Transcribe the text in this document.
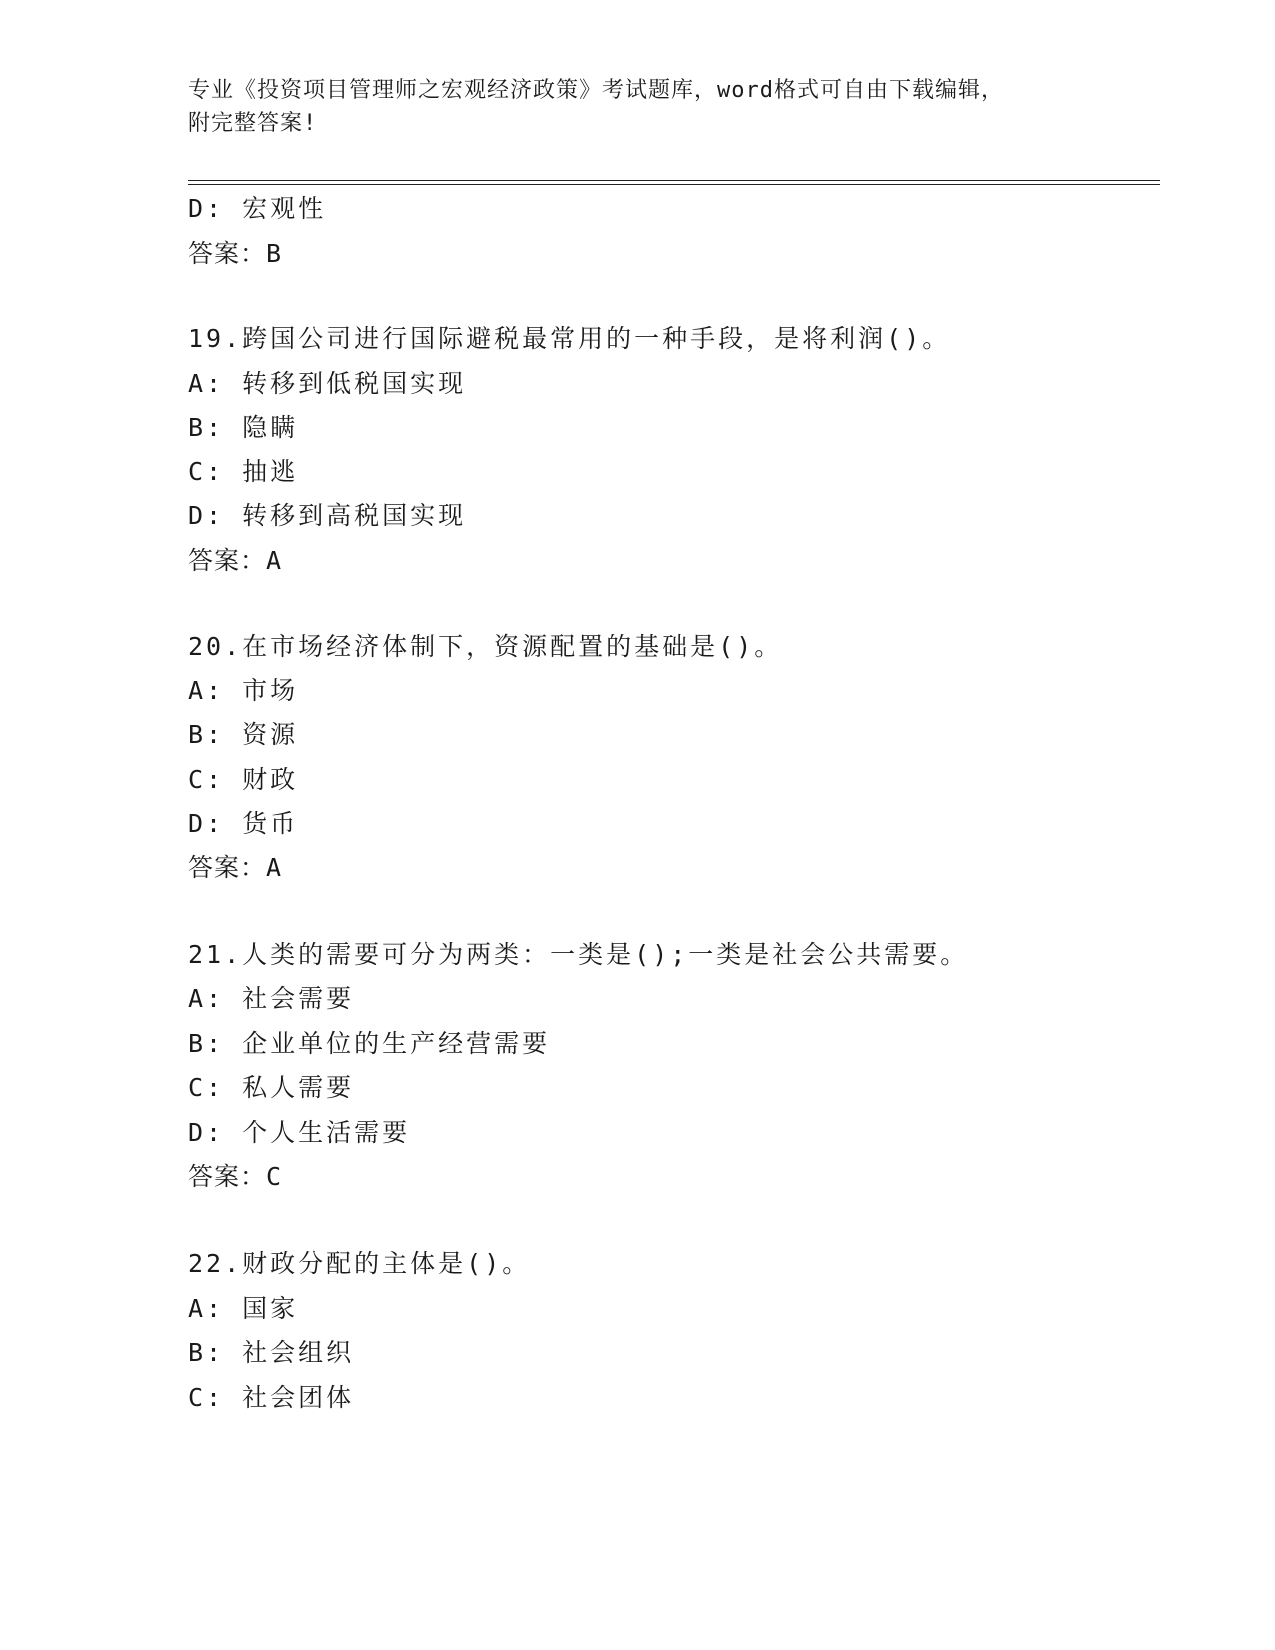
专业《投资项目管理师之宏观经济政策》考试题库，word格式可自由下载编辑，
附完整答案!
D: 宏观性
答案：B
19.跨国公司进行国际避税最常用的一种手段，是将利润()。
A: 转移到低税国实现
B: 隐瞒
C: 抽逃
D: 转移到高税国实现
答案：A
20.在市场经济体制下，资源配置的基础是()。
A: 市场
B: 资源
C: 财政
D: 货币
答案：A
21.人类的需要可分为两类：一类是();一类是社会公共需要。
A: 社会需要
B: 企业单位的生产经营需要
C: 私人需要
D: 个人生活需要
答案：C
22.财政分配的主体是()。
A: 国家
B: 社会组织
C: 社会团体
